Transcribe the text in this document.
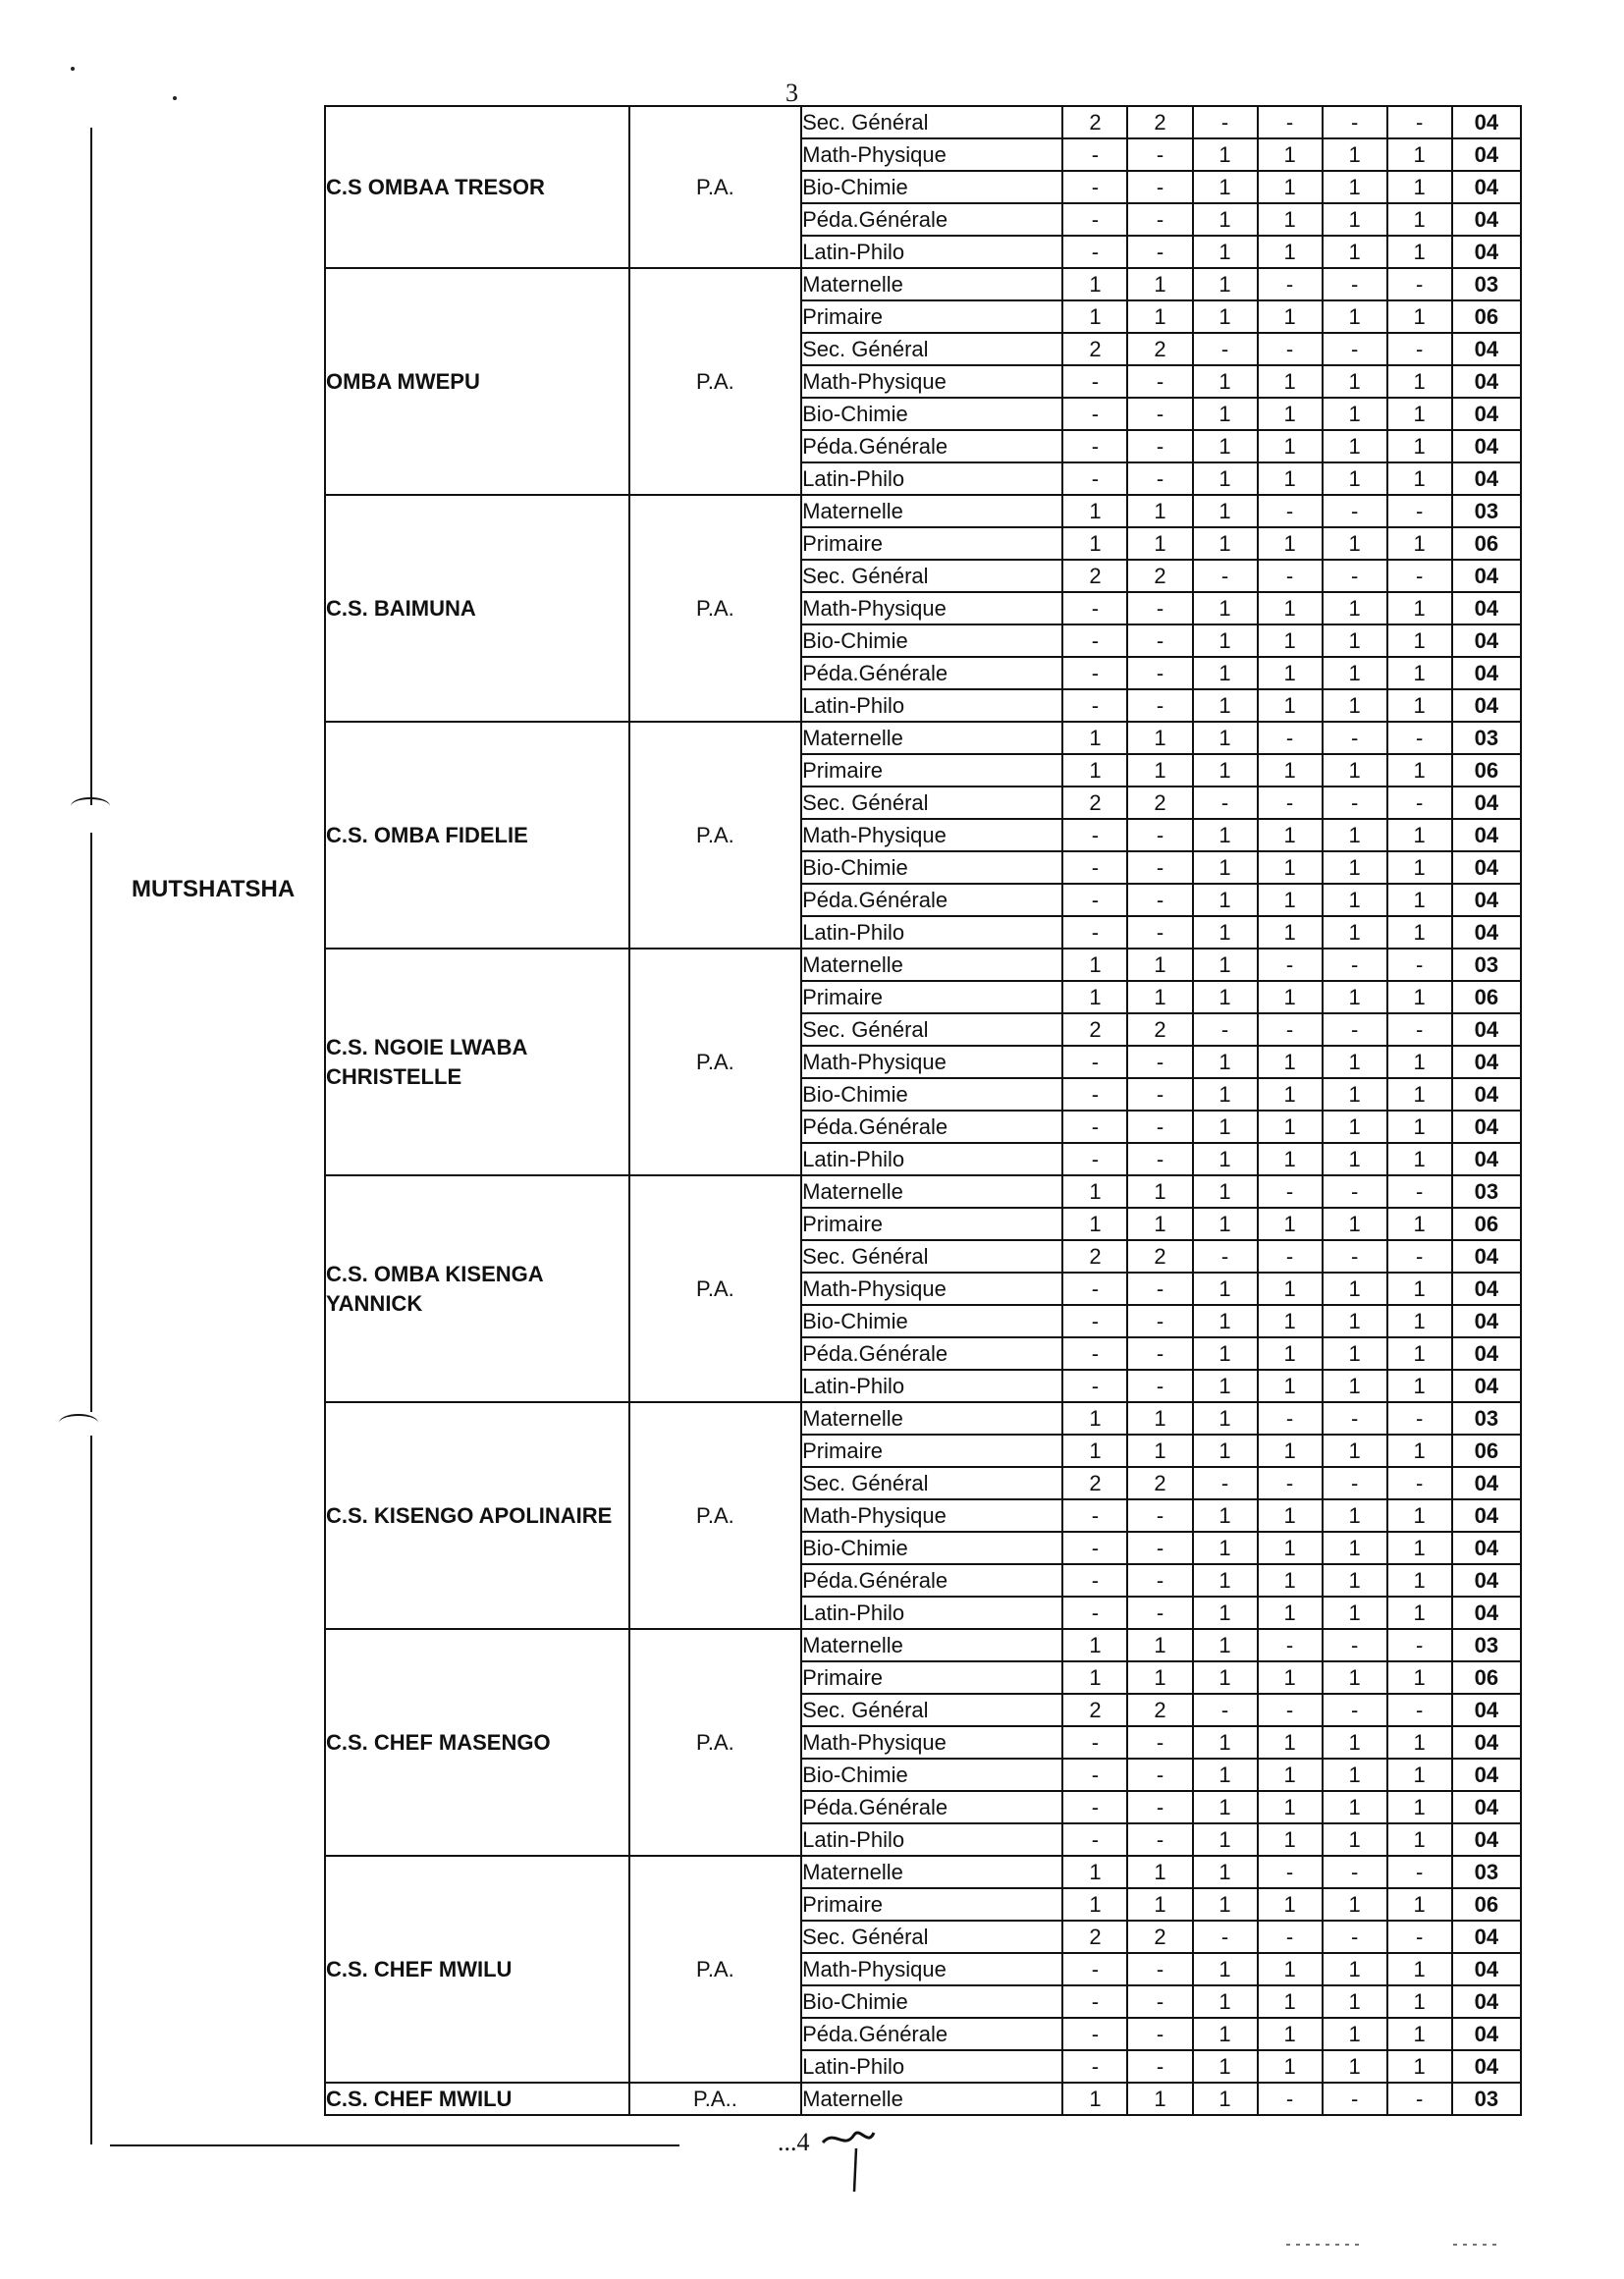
3
MUTSHATSHA
C.S OMBAA TRESOR	P.A.	Sec. Général	2	2	-	-	-	-	04
		Math-Physique	-	-	1	1	1	1	04
		Bio-Chimie	-	-	1	1	1	1	04
		Péda.Générale	-	-	1	1	1	1	04
		Latin-Philo	-	-	1	1	1	1	04
OMBA MWEPU	P.A.	Maternelle	1	1	1	-	-	-	03
		Primaire	1	1	1	1	1	1	06
		Sec. Général	2	2	-	-	-	-	04
		Math-Physique	-	-	1	1	1	1	04
		Bio-Chimie	-	-	1	1	1	1	04
		Péda.Générale	-	-	1	1	1	1	04
		Latin-Philo	-	-	1	1	1	1	04
C.S. BAIMUNA	P.A.	Maternelle	1	1	1	-	-	-	03
		Primaire	1	1	1	1	1	1	06
		Sec. Général	2	2	-	-	-	-	04
		Math-Physique	-	-	1	1	1	1	04
		Bio-Chimie	-	-	1	1	1	1	04
		Péda.Générale	-	-	1	1	1	1	04
		Latin-Philo	-	-	1	1	1	1	04
C.S. OMBA FIDELIE	P.A.	Maternelle	1	1	1	-	-	-	03
		Primaire	1	1	1	1	1	1	06
		Sec. Général	2	2	-	-	-	-	04
		Math-Physique	-	-	1	1	1	1	04
		Bio-Chimie	-	-	1	1	1	1	04
		Péda.Générale	-	-	1	1	1	1	04
		Latin-Philo	-	-	1	1	1	1	04
C.S. NGOIE LWABA CHRISTELLE	P.A.	Maternelle	1	1	1	-	-	-	03
		Primaire	1	1	1	1	1	1	06
		Sec. Général	2	2	-	-	-	-	04
		Math-Physique	-	-	1	1	1	1	04
		Bio-Chimie	-	-	1	1	1	1	04
		Péda.Générale	-	-	1	1	1	1	04
		Latin-Philo	-	-	1	1	1	1	04
C.S. OMBA KISENGA YANNICK	P.A.	Maternelle	1	1	1	-	-	-	03
		Primaire	1	1	1	1	1	1	06
		Sec. Général	2	2	-	-	-	-	04
		Math-Physique	-	-	1	1	1	1	04
		Bio-Chimie	-	-	1	1	1	1	04
		Péda.Générale	-	-	1	1	1	1	04
		Latin-Philo	-	-	1	1	1	1	04
C.S. KISENGO APOLINAIRE	P.A.	Maternelle	1	1	1	-	-	-	03
		Primaire	1	1	1	1	1	1	06
		Sec. Général	2	2	-	-	-	-	04
		Math-Physique	-	-	1	1	1	1	04
		Bio-Chimie	-	-	1	1	1	1	04
		Péda.Générale	-	-	1	1	1	1	04
		Latin-Philo	-	-	1	1	1	1	04
C.S. CHEF MASENGO	P.A.	Maternelle	1	1	1	-	-	-	03
		Primaire	1	1	1	1	1	1	06
		Sec. Général	2	2	-	-	-	-	04
		Math-Physique	-	-	1	1	1	1	04
		Bio-Chimie	-	-	1	1	1	1	04
		Péda.Générale	-	-	1	1	1	1	04
		Latin-Philo	-	-	1	1	1	1	04
C.S. CHEF MWILU	P.A.	Maternelle	1	1	1	-	-	-	03
		Primaire	1	1	1	1	1	1	06
		Sec. Général	2	2	-	-	-	-	04
		Math-Physique	-	-	1	1	1	1	04
		Bio-Chimie	-	-	1	1	1	1	04
		Péda.Générale	-	-	1	1	1	1	04
		Latin-Philo	-	-	1	1	1	1	04
C.S. CHEF MWILU	P.A..	Maternelle	1	1	1	-	-	-	03
...4
